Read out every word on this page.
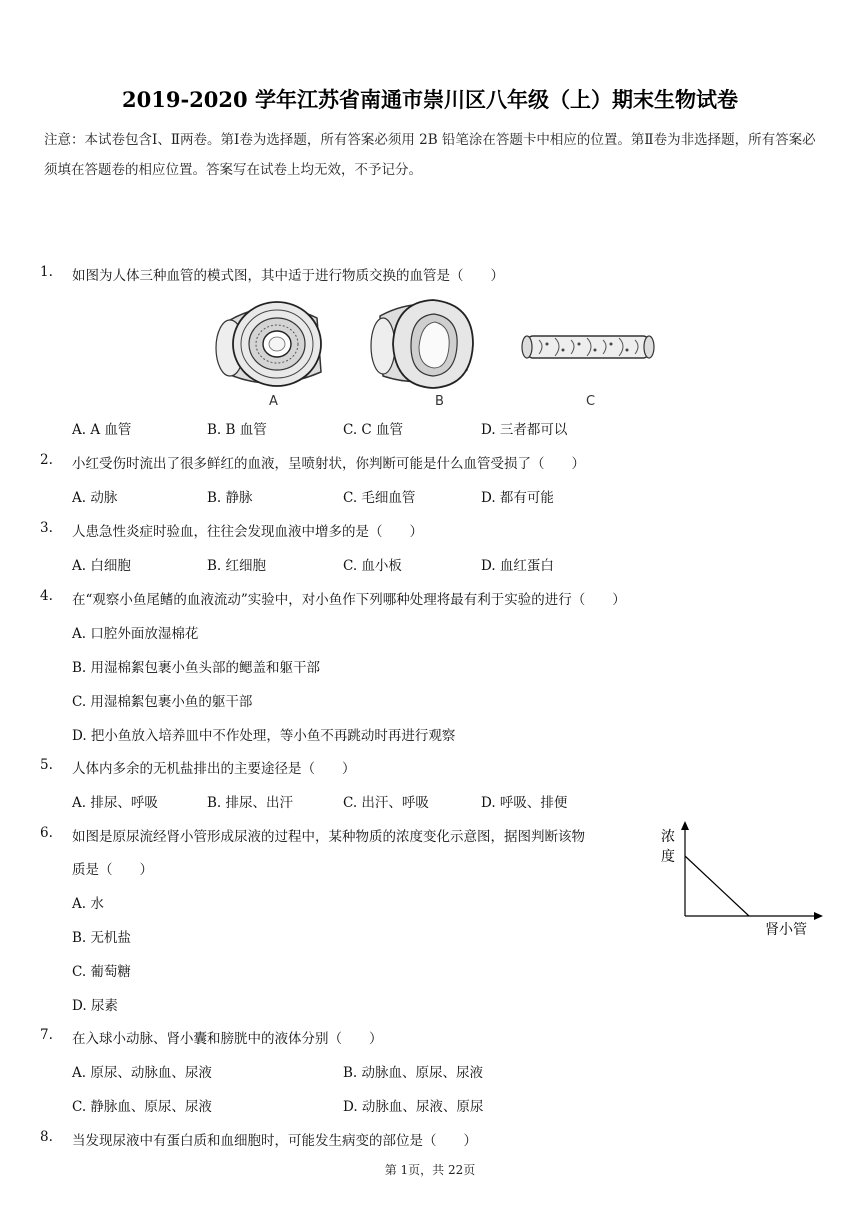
2019-2020 学年江苏省南通市崇川区八年级（上）期末生物试卷
注意：本试卷包含Ⅰ、Ⅱ两卷。第Ⅰ卷为选择题，所有答案必须用 2B 铅笔涂在答题卡中相应的位置。第Ⅱ卷为非选择题，所有答案必须填在答题卷的相应位置。答案写在试卷上均无效，不予记分。
1. 如图为人体三种血管的模式图，其中适于进行物质交换的血管是（　　）
A	B	C
A. A 血管	B. B 血管	C. C 血管	D. 三者都可以
2. 小红受伤时流出了很多鲜红的血液，呈喷射状，你判断可能是什么血管受损了（　　）
A. 动脉	B. 静脉	C. 毛细血管	D. 都有可能
3. 人患急性炎症时验血，往往会发现血液中增多的是（　　）
A. 白细胞	B. 红细胞	C. 血小板	D. 血红蛋白
4. 在“观察小鱼尾鳍的血液流动”实验中，对小鱼作下列哪种处理将最有利于实验的进行（　　）
A. 口腔外面放湿棉花
B. 用湿棉絮包裹小鱼头部的鳃盖和躯干部
C. 用湿棉絮包裹小鱼的躯干部
D. 把小鱼放入培养皿中不作处理，等小鱼不再跳动时再进行观察
5. 人体内多余的无机盐排出的主要途径是（　　）
A. 排尿、呼吸	B. 排尿、出汗	C. 出汗、呼吸	D. 呼吸、排便
6. 如图是原尿流经肾小管形成尿液的过程中，某种物质的浓度变化示意图，据图判断该物
质是（　　）
浓
度
肾小管
A. 水
B. 无机盐
C. 葡萄糖
D. 尿素
7. 在入球小动脉、肾小囊和膀胱中的液体分别（　　）
A. 原尿、动脉血、尿液	B. 动脉血、原尿、尿液
C. 静脉血、原尿、尿液	D. 动脉血、尿液、原尿
8. 当发现尿液中有蛋白质和血细胞时，可能发生病变的部位是（　　）
第 1页，共 22页
